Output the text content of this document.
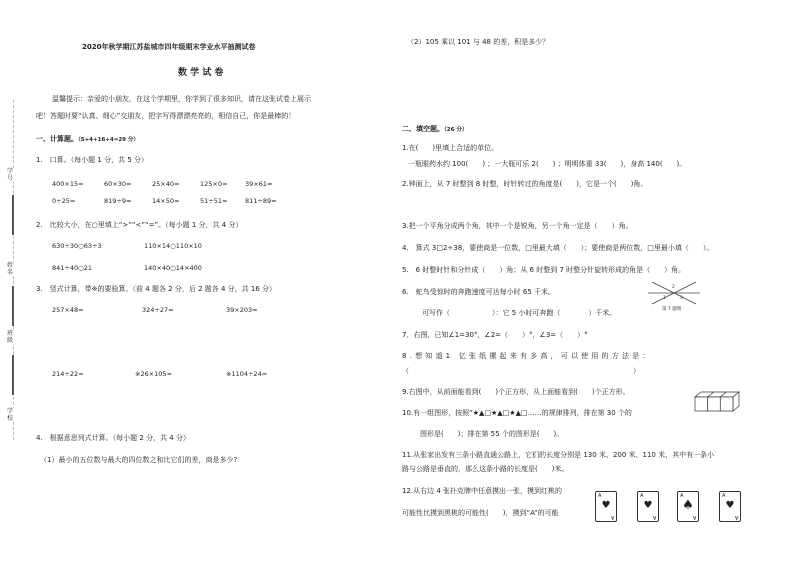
学号
姓名
班级
学校
2020年秋学期江苏盐城市四年级期末学业水平抽测试卷
数 学 试 卷
温馨提示：亲爱的小朋友，在这个学期里，你学到了很多知识，请在这张试卷上展示
吧！答题时要“认真、细心”交朋友，把字写得漂漂亮亮的，相信自己，你是最棒的！
一、计算题。（5+4+16+4=29 分）
1.　口算。（每小题 1 分，共 5 分）
400×15=	60×30=	25×40=	125×0=	39×61≈
0÷25=	819÷9≈	14×50=	51÷51=	811÷89≈
2.　比较大小，在○里填上“>”“<”“=”。（每小题 1 分，共 4 分）
630÷30○63÷3	110×14○110×10
841÷40○21	140×40○14×400
3.　竖式计算，带※的要验算。（前 4 题各 2 分，后 2 题各 4 分，共 16 分）
257×48=	324÷27=	39×203=
214÷22=	※26×105=	※1104÷24=
4.　根据意思列式计算。（每小题 2 分，共 4 分）
（1）最小的五位数与最大的四位数之和比它们的差，商是多少?
（2）105 乘以 101 与 48 的差，积是多少？
二、填空题。（26 分）
1.在(　　)里填上合适的单位。
一瓶眼药水约 100(　　) ；一大瓶可乐 2(　　) ；明明体重 33(　　)，身高 140(　　)。
2.钟面上，从 7 时整到 8 时整，时针转过的角度是(　　)，它是一个(　　)角。
3.把一个平角分成两个角，其中一个是锐角，另一个角一定是（　　）角。
4.　算式 3□2÷38，要使商是一位数，□里最大填（　　）；要使商是两位数，□里最小填（　　）。
5.　6 时整时针和分针成（　　）角；从 6 时整到 7 时整分针旋转形成的角是（　　）角。
6.　蛇鸟受惊时的奔跑速度可达每小时 65 千米。
可写作（　　　　　　）：它 5 小时可奔跑（　　　　）千米。
2
1	3
第 7 题图
7．右图，已知∠1=30°，∠2=（　　）°，∠3=（　　）°
8.想知道1 亿张纸摞起来有多高，可以使用的方法是：
（　　　　　　　　　　　　　　　　　　　　　　　　　　　　　　　　）
9.右图中，从前面能看到(　　)个正方形，从上面能看到(　　)个正方形。
10.有一组图形，按照“★▲□★▲□★▲□……的规律排列，排在第 30 个的
图形是(　　)；排在第 55 个的图形是(　　)。
11.从张家出发有三条小路直通公路上，它们的长度分别是 130 米、200 米、110 米，其中有一条小
路与公路是垂直的，那么这条小路的长度是(　　)米。
12.从右边 4 张扑克牌中任意摸出一张，摸到红桃的
可能性比摸到黑桃的可能性(　　)，摸到“A”的可能
A
♥
A
A
♥
A
A
♠
A
A
♥
A
